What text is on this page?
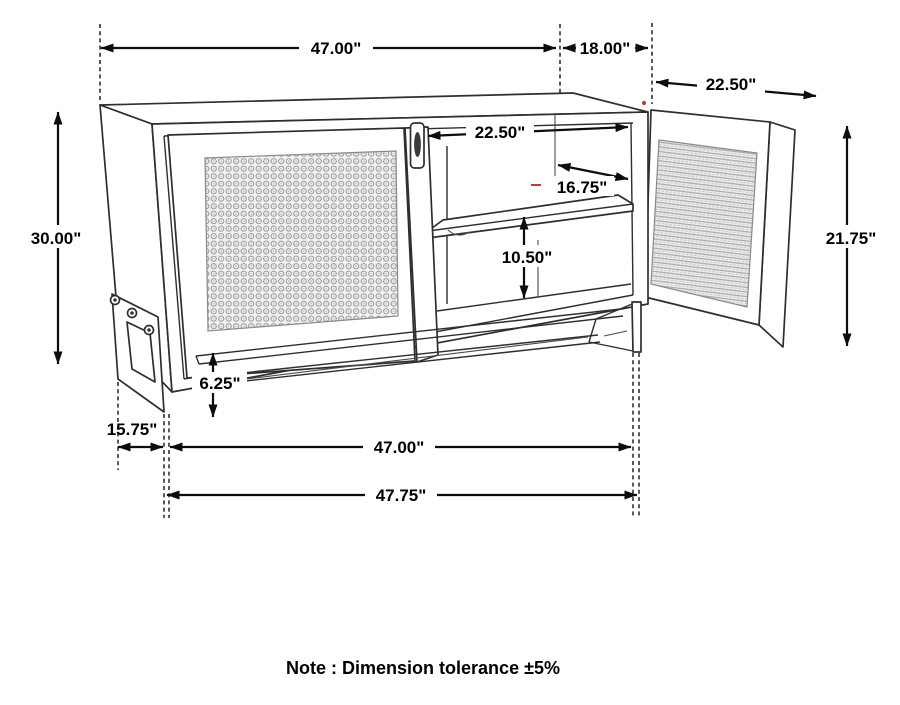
47.00"	18.00"
22.50"
30.00"
22.50"
16.75"
10.50"
21.75"
6.25"
15.75"
47.00"
47.75"
Note : Dimension tolerance ±5%
